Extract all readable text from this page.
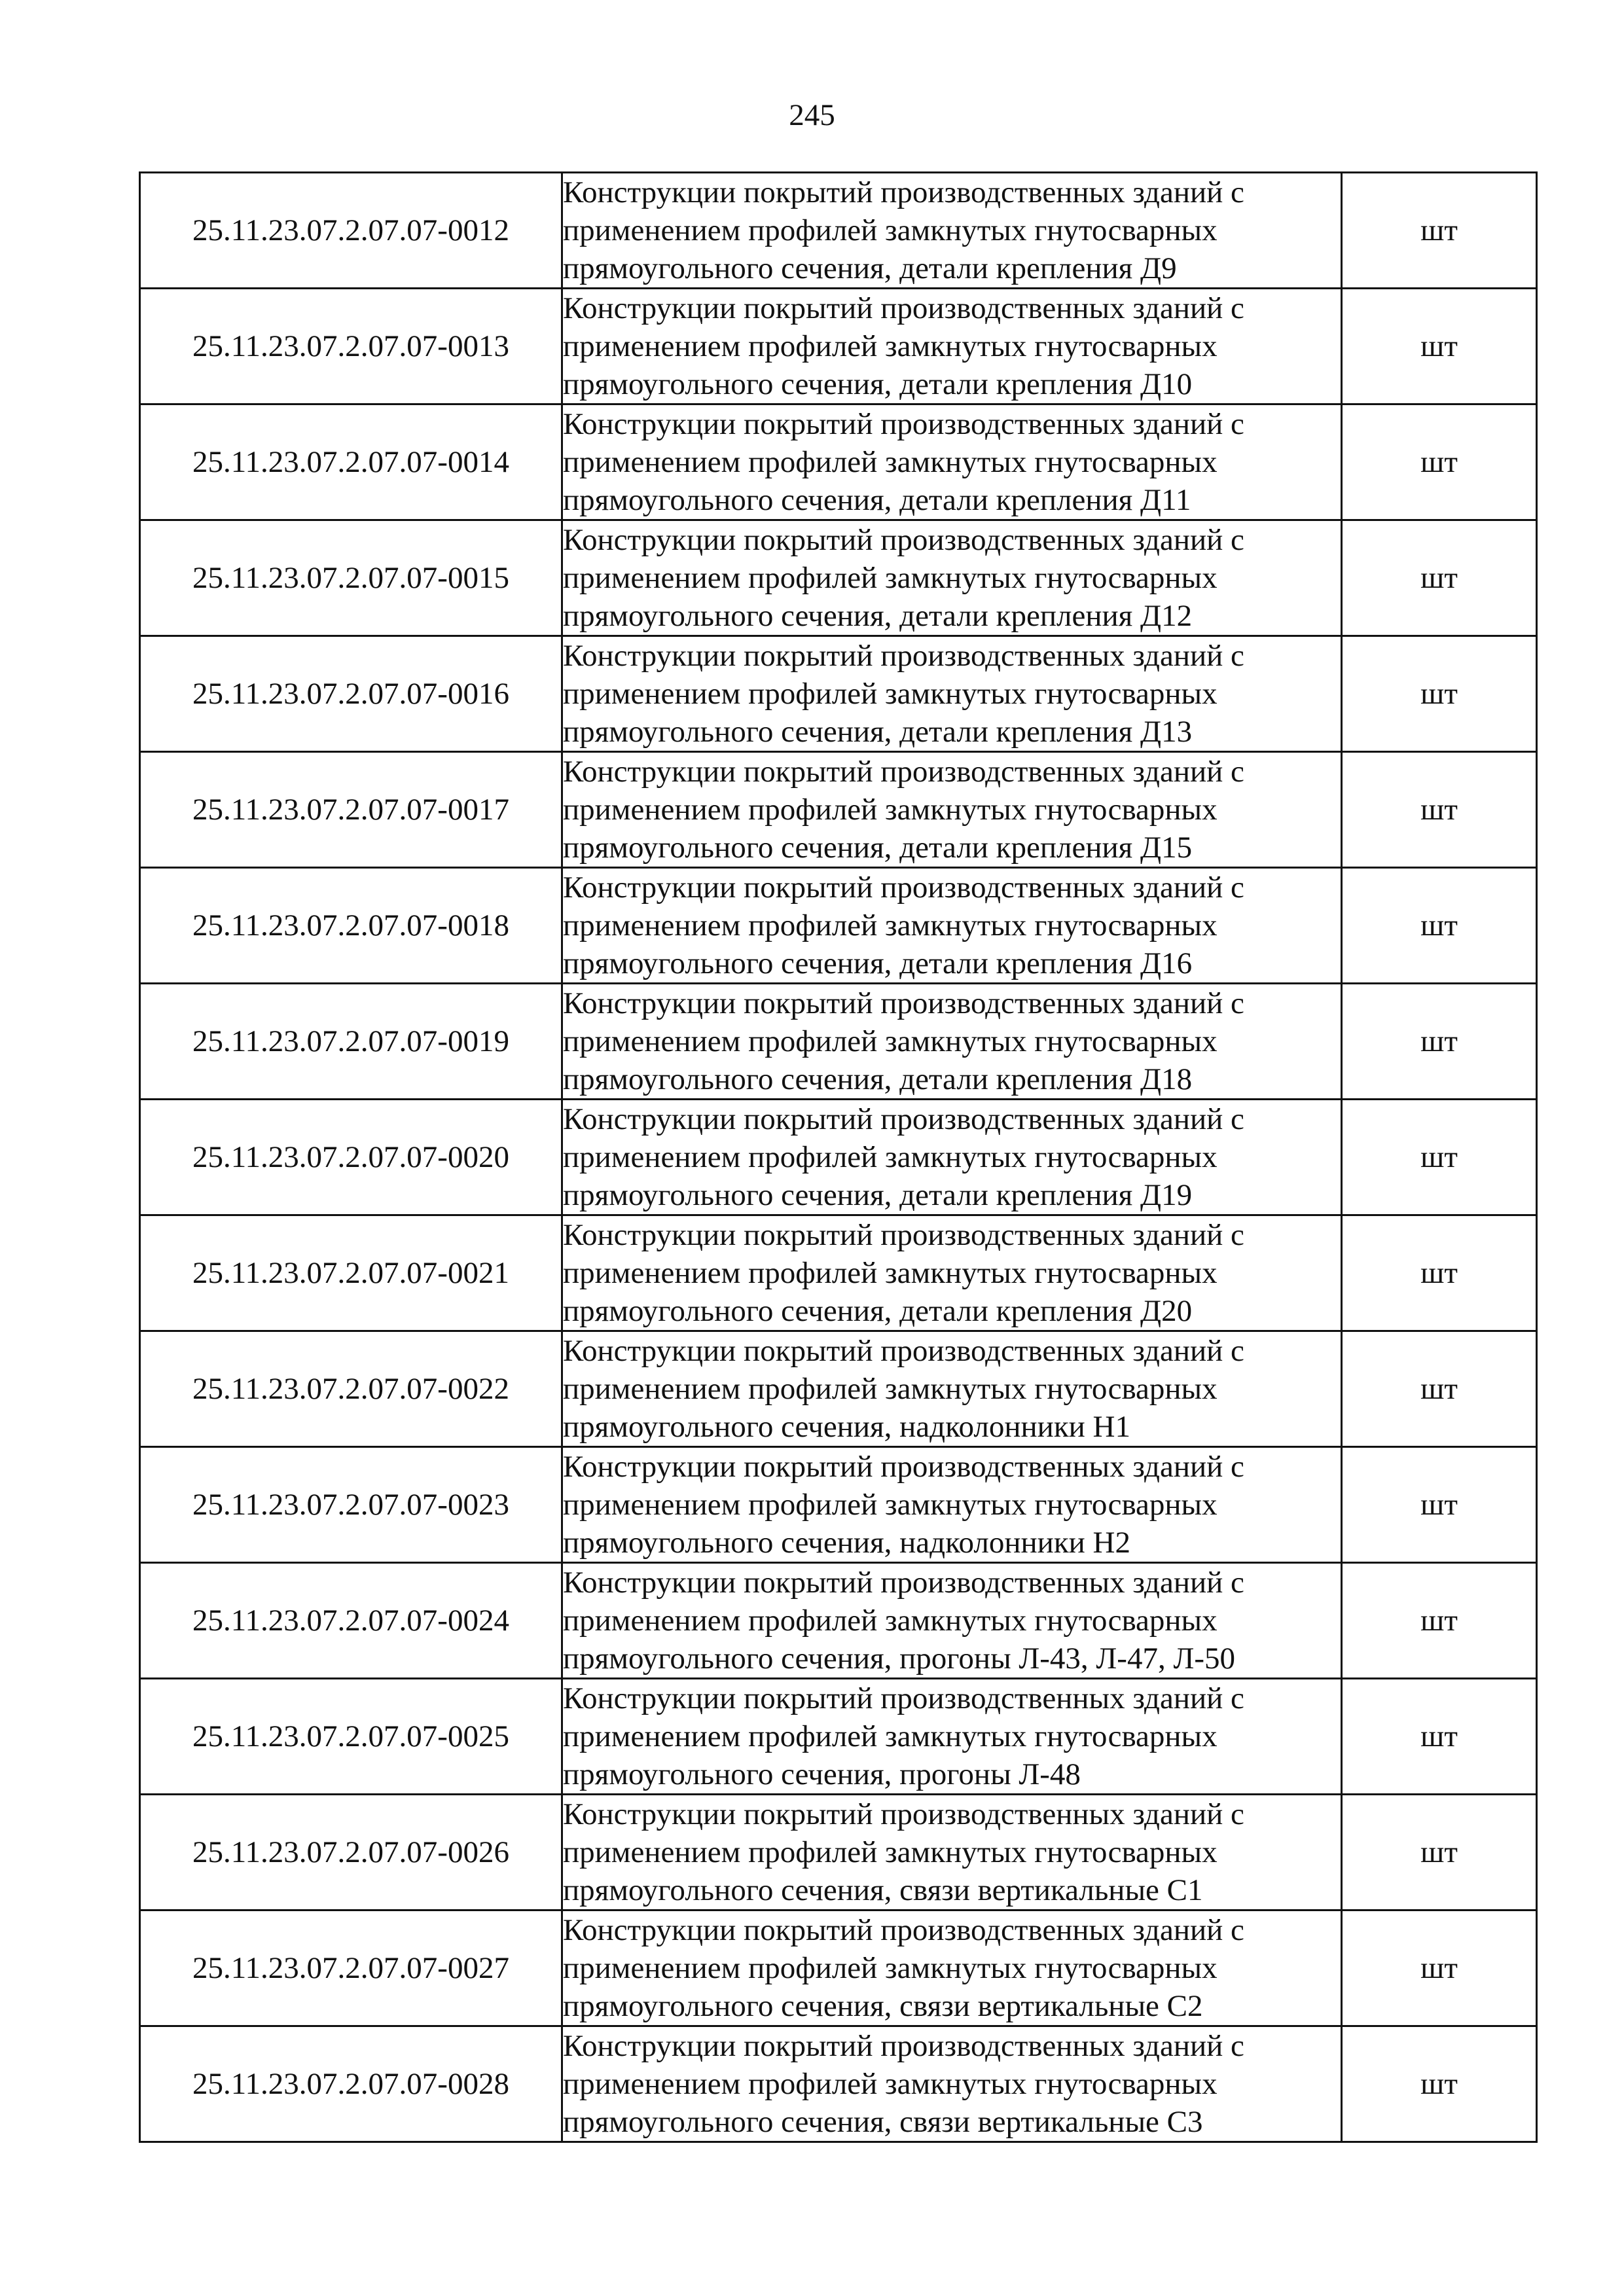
245
25.11.23.07.2.07.07-0012	Конструкции покрытий производственных зданий с применением профилей замкнутых гнутосварных прямоугольного сечения, детали крепления Д9	шт
25.11.23.07.2.07.07-0013	Конструкции покрытий производственных зданий с применением профилей замкнутых гнутосварных прямоугольного сечения, детали крепления Д10	шт
25.11.23.07.2.07.07-0014	Конструкции покрытий производственных зданий с применением профилей замкнутых гнутосварных прямоугольного сечения, детали крепления Д11	шт
25.11.23.07.2.07.07-0015	Конструкции покрытий производственных зданий с применением профилей замкнутых гнутосварных прямоугольного сечения, детали крепления Д12	шт
25.11.23.07.2.07.07-0016	Конструкции покрытий производственных зданий с применением профилей замкнутых гнутосварных прямоугольного сечения, детали крепления Д13	шт
25.11.23.07.2.07.07-0017	Конструкции покрытий производственных зданий с применением профилей замкнутых гнутосварных прямоугольного сечения, детали крепления Д15	шт
25.11.23.07.2.07.07-0018	Конструкции покрытий производственных зданий с применением профилей замкнутых гнутосварных прямоугольного сечения, детали крепления Д16	шт
25.11.23.07.2.07.07-0019	Конструкции покрытий производственных зданий с применением профилей замкнутых гнутосварных прямоугольного сечения, детали крепления Д18	шт
25.11.23.07.2.07.07-0020	Конструкции покрытий производственных зданий с применением профилей замкнутых гнутосварных прямоугольного сечения, детали крепления Д19	шт
25.11.23.07.2.07.07-0021	Конструкции покрытий производственных зданий с применением профилей замкнутых гнутосварных прямоугольного сечения, детали крепления Д20	шт
25.11.23.07.2.07.07-0022	Конструкции покрытий производственных зданий с применением профилей замкнутых гнутосварных прямоугольного сечения, надколонники Н1	шт
25.11.23.07.2.07.07-0023	Конструкции покрытий производственных зданий с применением профилей замкнутых гнутосварных прямоугольного сечения, надколонники Н2	шт
25.11.23.07.2.07.07-0024	Конструкции покрытий производственных зданий с применением профилей замкнутых гнутосварных прямоугольного сечения, прогоны Л-43, Л-47, Л-50	шт
25.11.23.07.2.07.07-0025	Конструкции покрытий производственных зданий с применением профилей замкнутых гнутосварных прямоугольного сечения, прогоны Л-48	шт
25.11.23.07.2.07.07-0026	Конструкции покрытий производственных зданий с применением профилей замкнутых гнутосварных прямоугольного сечения, связи вертикальные С1	шт
25.11.23.07.2.07.07-0027	Конструкции покрытий производственных зданий с применением профилей замкнутых гнутосварных прямоугольного сечения, связи вертикальные С2	шт
25.11.23.07.2.07.07-0028	Конструкции покрытий производственных зданий с применением профилей замкнутых гнутосварных прямоугольного сечения, связи вертикальные С3	шт
